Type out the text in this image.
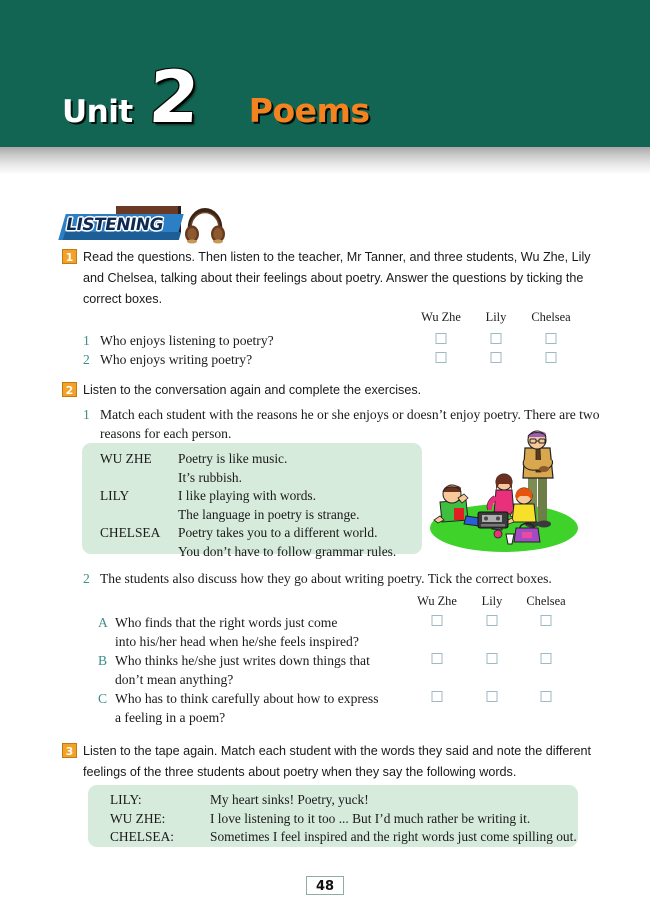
Unit 2 Poems
LISTENING
1 Read the questions. Then listen to the teacher, Mr Tanner, and three students, Wu Zhe, Lily and Chelsea, talking about their feelings about poetry. Answer the questions by ticking the correct boxes.
Wu Zhe Lily Chelsea
1 Who enjoys listening to poetry?
2 Who enjoys writing poetry?
2 Listen to the conversation again and complete the exercises.
1 Match each student with the reasons he or she enjoys or doesn’t enjoy poetry. There are two
reasons for each person.
WU ZHE	Poetry is like music.
It’s rubbish.
LILY	I like playing with words.
The language in poetry is strange.
CHELSEA	Poetry takes you to a different world.
You don’t have to follow grammar rules.
2 The students also discuss how they go about writing poetry. Tick the correct boxes.
Wu Zhe Lily Chelsea
A Who finds that the right words just come
into his/her head when he/she feels inspired?
B Who thinks he/she just writes down things that
don’t mean anything?
C Who has to think carefully about how to express
a feeling in a poem?
3 Listen to the tape again. Match each student with the words they said and note the different feelings of the three students about poetry when they say the following words.
LILY:	My heart sinks! Poetry, yuck!
WU ZHE:	I love listening to it too ... But I’d much rather be writing it.
CHELSEA:	Sometimes I feel inspired and the right words just come spilling out.
48
